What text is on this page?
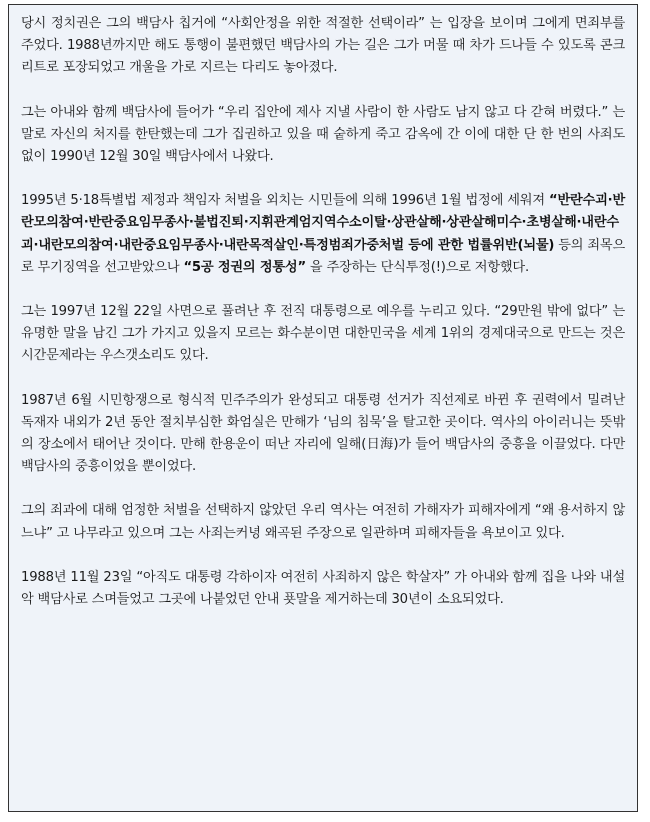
당시 정치권은 그의 백담사 칩거에 “사회안정을 위한 적절한 선택이라” 는 입장을 보이며 그에게 면죄부를 주었다. 1988년까지만 해도 통행이 불편했던 백담사의 가는 길은 그가 머물 때 차가 드나들 수 있도록 콘크리트로 포장되었고 개울을 가로 지르는 다리도 놓아졌다.

그는 아내와 함께 백담사에 들어가 “우리 집안에 제사 지낼 사람이 한 사람도 남지 않고 다 갇혀 버렸다.” 는 말로 자신의 처지를 한탄했는데 그가 집권하고 있을 때 숱하게 죽고 감옥에 간 이에 대한 단 한 번의 사죄도 없이 1990년 12월 30일 백담사에서 나왔다.

1995년 5·18특별법 제정과 책임자 처벌을 외치는 시민들에 의해 1996년 1월 법정에 세워져 “반란수괴·반란모의참여·반란중요임무종사·불법진퇴·지휘관계엄지역수소이탈·상관살해·상관살해미수·초병살해·내란수괴·내란모의참여·내란중요임무종사·내란목적살인·특정범죄가중처벌 등에 관한 법률위반(뇌물) 등의 죄목으로 무기징역을 선고받았으나 “5공 정권의 정통성” 을 주장하는 단식투정(!)으로 저항했다.

그는 1997년 12월 22일 사면으로 풀려난 후 전직 대통령으로 예우를 누리고 있다. “29만원 밖에 없다” 는 유명한 말을 남긴 그가 가지고 있을지 모르는 화수분이면 대한민국을 세계 1위의 경제대국으로 만드는 것은 시간문제라는 우스갯소리도 있다.

1987년 6월 시민항쟁으로 형식적 민주주의가 완성되고 대통령 선거가 직선제로 바뀐 후 권력에서 밀려난 독재자 내외가 2년 동안 절치부심한 화엄실은 만해가 ‘님의 침묵’을 탈고한 곳이다. 역사의 아이러니는 뜻밖의 장소에서 태어난 것이다. 만해 한용운이 떠난 자리에 일해(日海)가 들어 백담사의 중흥을 이끌었다. 다만 백담사의 중흥이었을 뿐이었다.

그의 죄과에 대해 엄정한 처벌을 선택하지 않았던 우리 역사는 여전히 가해자가 피해자에게 “왜 용서하지 않느냐” 고 나무라고 있으며 그는 사죄는커녕 왜곡된 주장으로 일관하며 피해자들을 욕보이고 있다.

1988년 11월 23일 “아직도 대통령 각하이자 여전히 사죄하지 않은 학살자” 가 아내와 함께 집을 나와 내설악 백담사로 스며들었고 그곳에 나붙었던 안내 푯말을 제거하는데 30년이 소요되었다.
